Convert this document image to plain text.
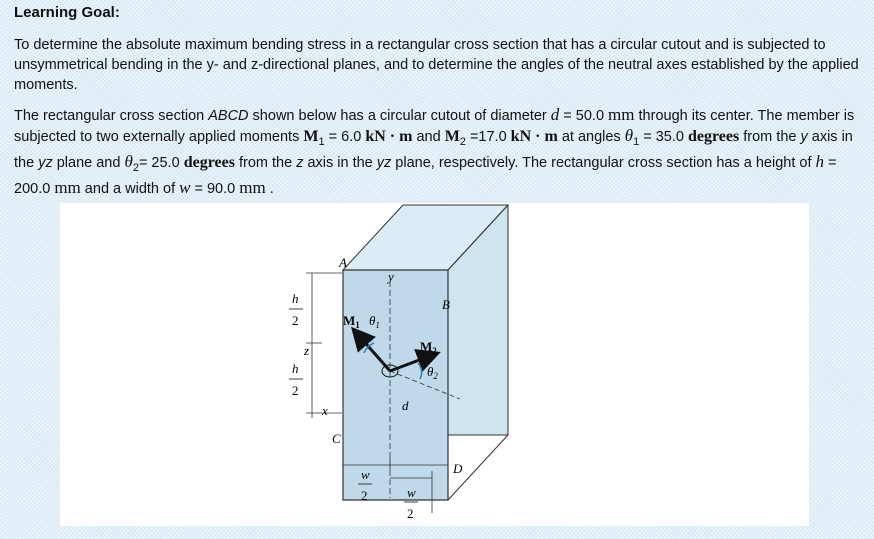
Learning Goal:

To determine the absolute maximum bending stress in a rectangular cross section that has a circular cutout and is subjected to unsymmetrical bending in the y- and z-directional planes, and to determine the angles of the neutral axes established by the applied moments.

The rectangular cross section ABCD shown below has a circular cutout of diameter d = 50.0 mm through its center. The member is subjected to two externally applied moments $M_1 = 6.0$ kN · m and $M_2 =17.0$ kN · m at angles $\theta_1 = 35.0$ degrees from the y axis in the yz plane and $\theta_2= 25.0$ degrees from the z axis in the yz plane, respectively. The rectangular cross section has a height of h = 200.0 mm and a width of w = 90.0 mm .

h
2
z
h
2
x
A
B
C
D
y
d
$M_1$ $\theta_1$
$M_2$
$\theta_2$
w
2	w
2
